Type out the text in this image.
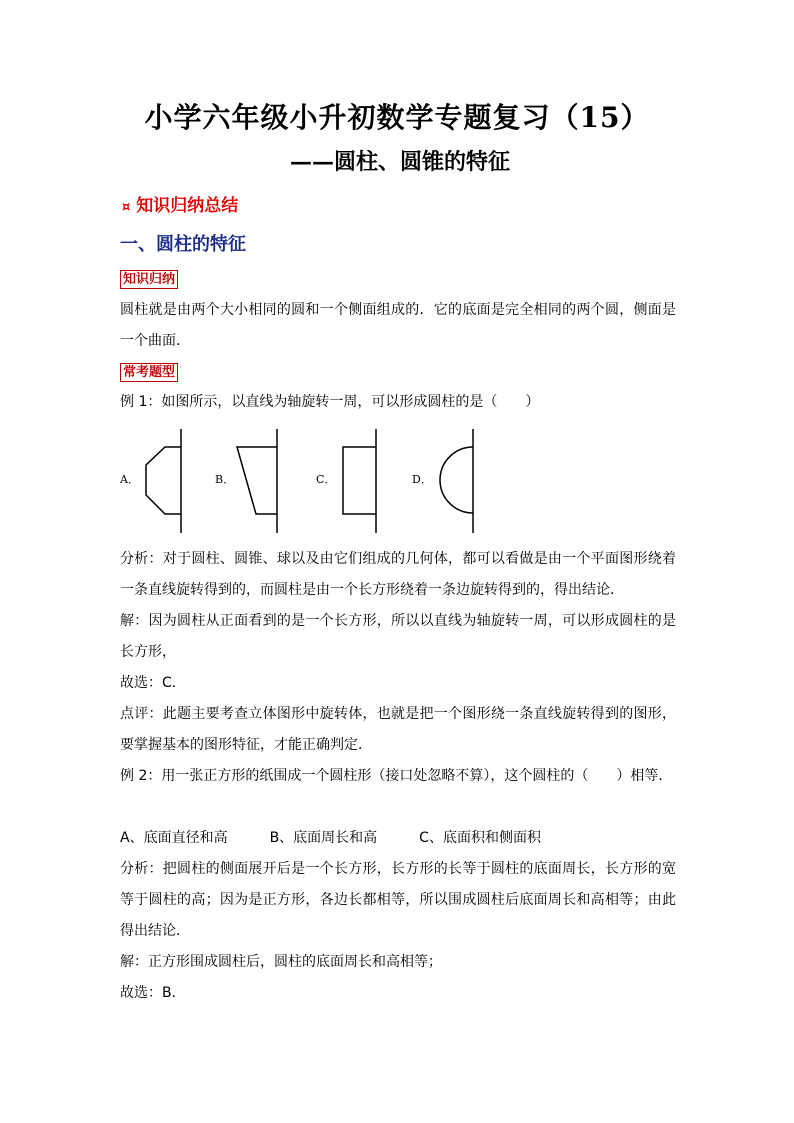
小学六年级小升初数学专题复习（15）
——圆柱、圆锥的特征
¤ 知识归纳总结
一、圆柱的特征
知识归纳
圆柱就是由两个大小相同的圆和一个侧面组成的．它的底面是完全相同的两个圆，侧面是一个曲面．
常考题型
例 1：如图所示，以直线为轴旋转一周，可以形成圆柱的是（　　）
A．	B．	C．	D．
分析：对于圆柱、圆锥、球以及由它们组成的几何体，都可以看做是由一个平面图形绕着一条直线旋转得到的，而圆柱是由一个长方形绕着一条边旋转得到的，得出结论．
解：因为圆柱从正面看到的是一个长方形，所以以直线为轴旋转一周，可以形成圆柱的是长方形，
故选：C．
点评：此题主要考查立体图形中旋转体，也就是把一个图形绕一条直线旋转得到的图形，要掌握基本的图形特征，才能正确判定．
例 2：用一张正方形的纸围成一个圆柱形（接口处忽略不算），这个圆柱的（　　）相等．
A、底面直径和高　　　B、底面周长和高　　　C、底面积和侧面积
分析：把圆柱的侧面展开后是一个长方形，长方形的长等于圆柱的底面周长，长方形的宽等于圆柱的高；因为是正方形，各边长都相等，所以围成圆柱后底面周长和高相等；由此得出结论．
解：正方形围成圆柱后，圆柱的底面周长和高相等；
故选：B．
